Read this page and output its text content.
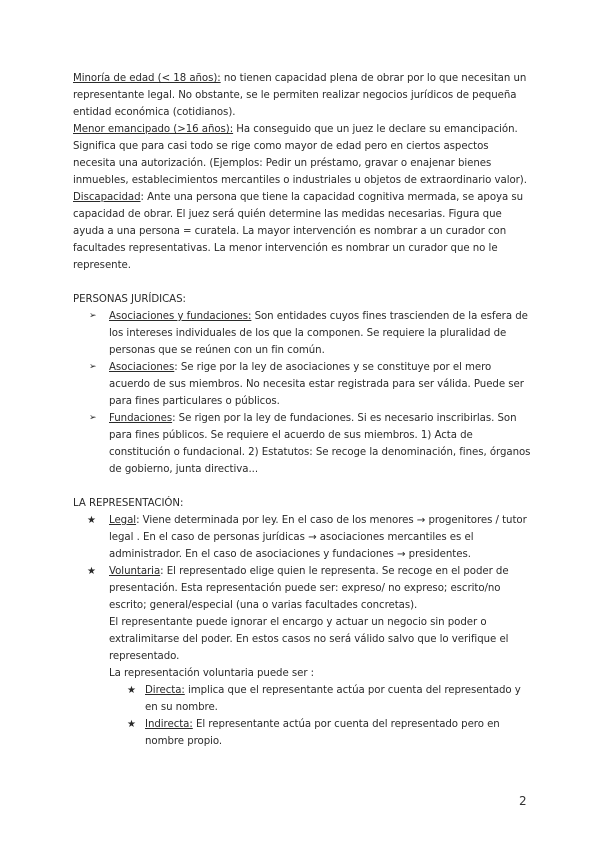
Minoría de edad (< 18 años): no tienen capacidad plena de obrar por lo que necesitan un representante legal. No obstante, se le permiten realizar negocios jurídicos de pequeña entidad económica (cotidianos).

Menor emancipado (>16 años): Ha conseguido que un juez le declare su emancipación. Significa que para casi todo se rige como mayor de edad pero en ciertos aspectos necesita una autorización. (Ejemplos: Pedir un préstamo, gravar o enajenar bienes inmuebles, establecimientos mercantiles o industriales u objetos de extraordinario valor).

Discapacidad: Ante una persona que tiene la capacidad cognitiva mermada, se apoya su capacidad de obrar. El juez será quién determine las medidas necesarias. Figura que ayuda a una persona = curatela. La mayor intervención es nombrar a un curador con facultades representativas. La menor intervención es nombrar un curador que no le represente.

PERSONAS JURÍDICAS:

➢ Asociaciones y fundaciones: Son entidades cuyos fines trascienden de la esfera de los intereses individuales de los que la componen. Se requiere la pluralidad de personas que se reúnen con un fin común.
➢ Asociaciones: Se rige por la ley de asociaciones y se constituye por el mero acuerdo de sus miembros. No necesita estar registrada para ser válida. Puede ser para fines particulares o públicos.
➢ Fundaciones: Se rigen por la ley de fundaciones. Si es necesario inscribirlas. Son para fines públicos. Se requiere el acuerdo de sus miembros. 1) Acta de constitución o fundacional. 2) Estatutos: Se recoge la denominación, fines, órganos de gobierno, junta directiva...

LA REPRESENTACIÓN:

★ Legal: Viene determinada por ley. En el caso de los menores → progenitores / tutor legal . En el caso de personas jurídicas → asociaciones mercantiles es el administrador. En el caso de asociaciones y fundaciones → presidentes.
★ Voluntaria: El representado elige quien le representa. Se recoge en el poder de presentación. Esta representación puede ser: expreso/ no expreso; escrito/no escrito; general/especial (una o varias facultades concretas).

El representante puede ignorar el encargo y actuar un negocio sin poder o extralimitarse del poder. En estos casos no será válido salvo que lo verifique el representado.

La representación voluntaria puede ser :

★ Directa: implica que el representante actúa por cuenta del representado y en su nombre.
★ Indirecta: El representante actúa por cuenta del representado pero en nombre propio.
2
